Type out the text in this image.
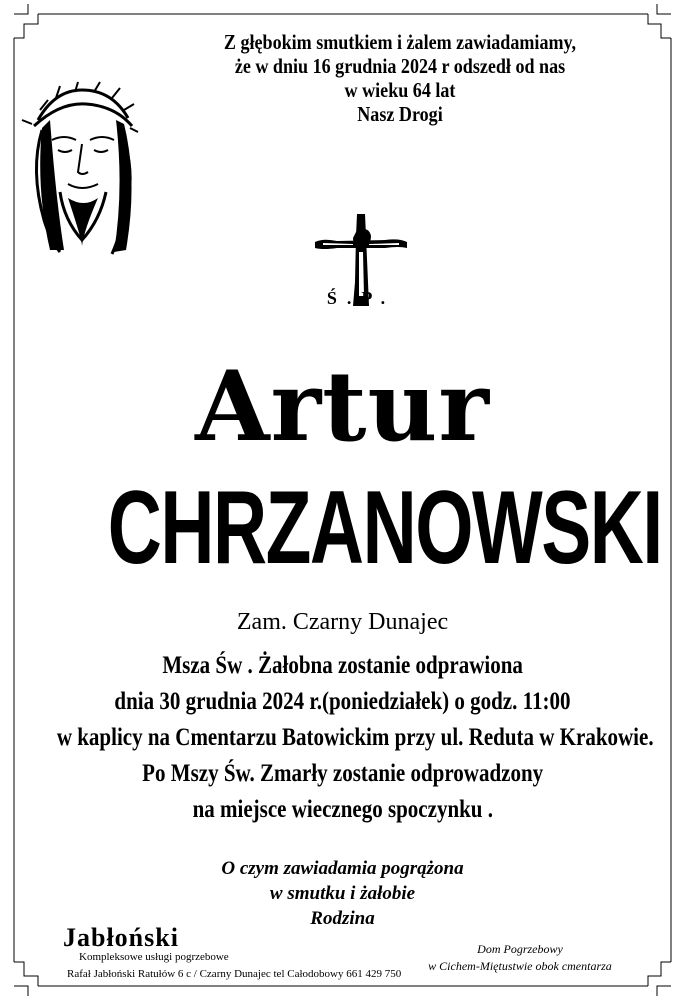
Z głębokim smutkiem i żalem zawiadamiamy,
że w dniu 16 grudnia 2024 r odszedł od nas
w wieku 64 lat
Nasz Drogi
Ś.P.
Artur
CHRZANOWSKI
Zam. Czarny Dunajec
Msza Św . Żałobna zostanie odprawiona
dnia 30 grudnia 2024 r.(poniedziałek) o godz. 11:00
w kaplicy na Cmentarzu Batowickim przy ul. Reduta w Krakowie.
Po Mszy Św. Zmarły zostanie odprowadzony
na miejsce wiecznego spoczynku .
O czym zawiadamia pogrążona
w smutku i żałobie
Rodzina
Jabłoński
Kompleksowe usługi pogrzebowe
Rafał Jabłoński Ratułów 6 c / Czarny Dunajec tel Całodobowy 661 429 750
Dom Pogrzebowy
w Cichem-Miętustwie obok cmentarza
